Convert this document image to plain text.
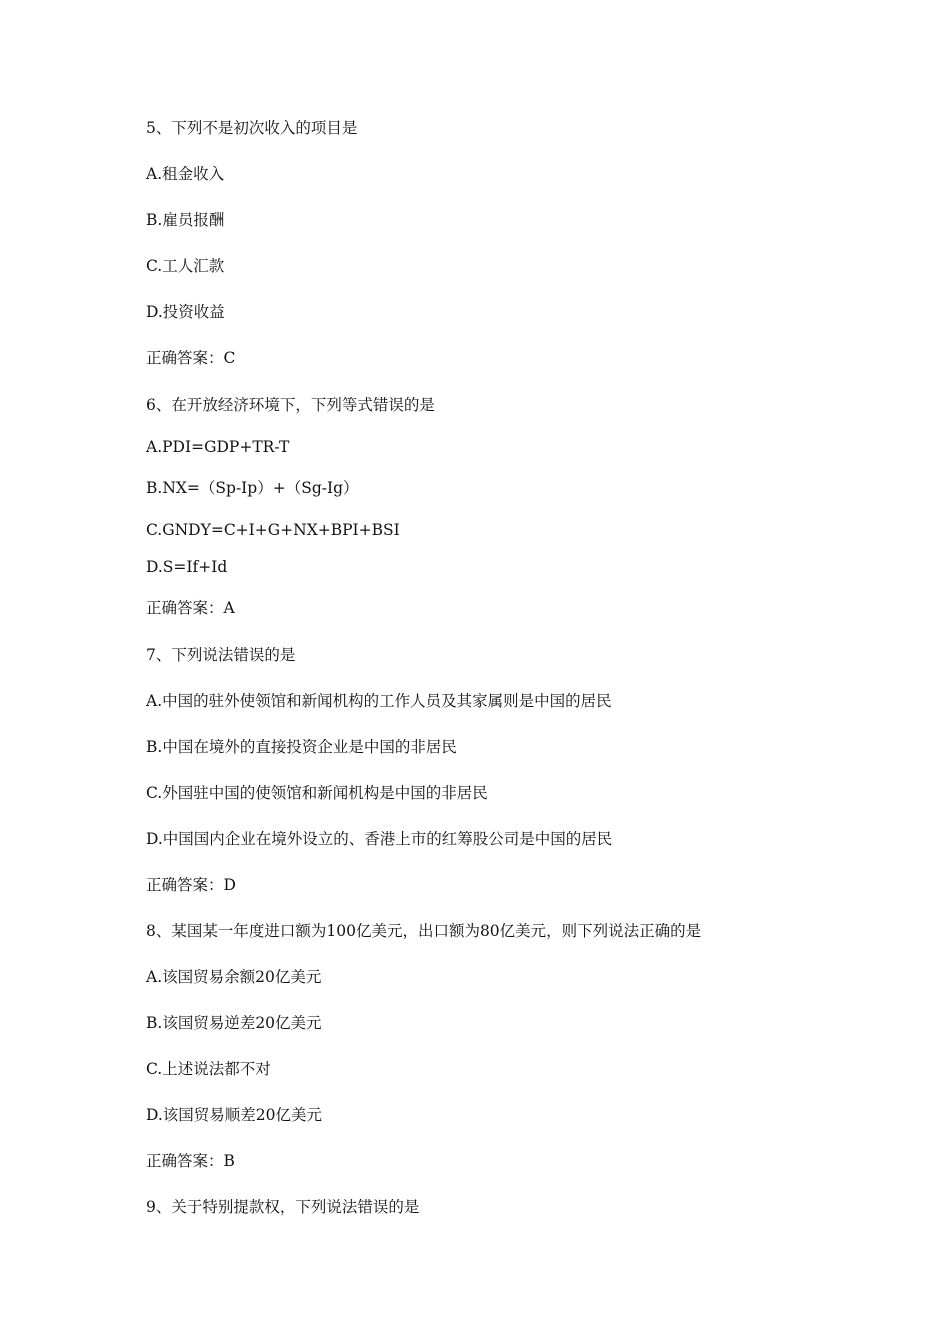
5、下列不是初次收入的项目是
A.租金收入
B.雇员报酬
C.工人汇款
D.投资收益
正确答案：C
6、在开放经济环境下，下列等式错误的是
A.PDI=GDP+TR-T
B.NX=（Sp-Ip）+（Sg-Ig）
C.GNDY=C+I+G+NX+BPI+BSI
D.S=If+Id
正确答案：A
7、下列说法错误的是
A.中国的驻外使领馆和新闻机构的工作人员及其家属则是中国的居民
B.中国在境外的直接投资企业是中国的非居民
C.外国驻中国的使领馆和新闻机构是中国的非居民
D.中国国内企业在境外设立的、香港上市的红筹股公司是中国的居民
正确答案：D
8、某国某一年度进口额为100亿美元，出口额为80亿美元，则下列说法正确的是
A.该国贸易余额20亿美元
B.该国贸易逆差20亿美元
C.上述说法都不对
D.该国贸易顺差20亿美元
正确答案：B
9、关于特别提款权，下列说法错误的是
